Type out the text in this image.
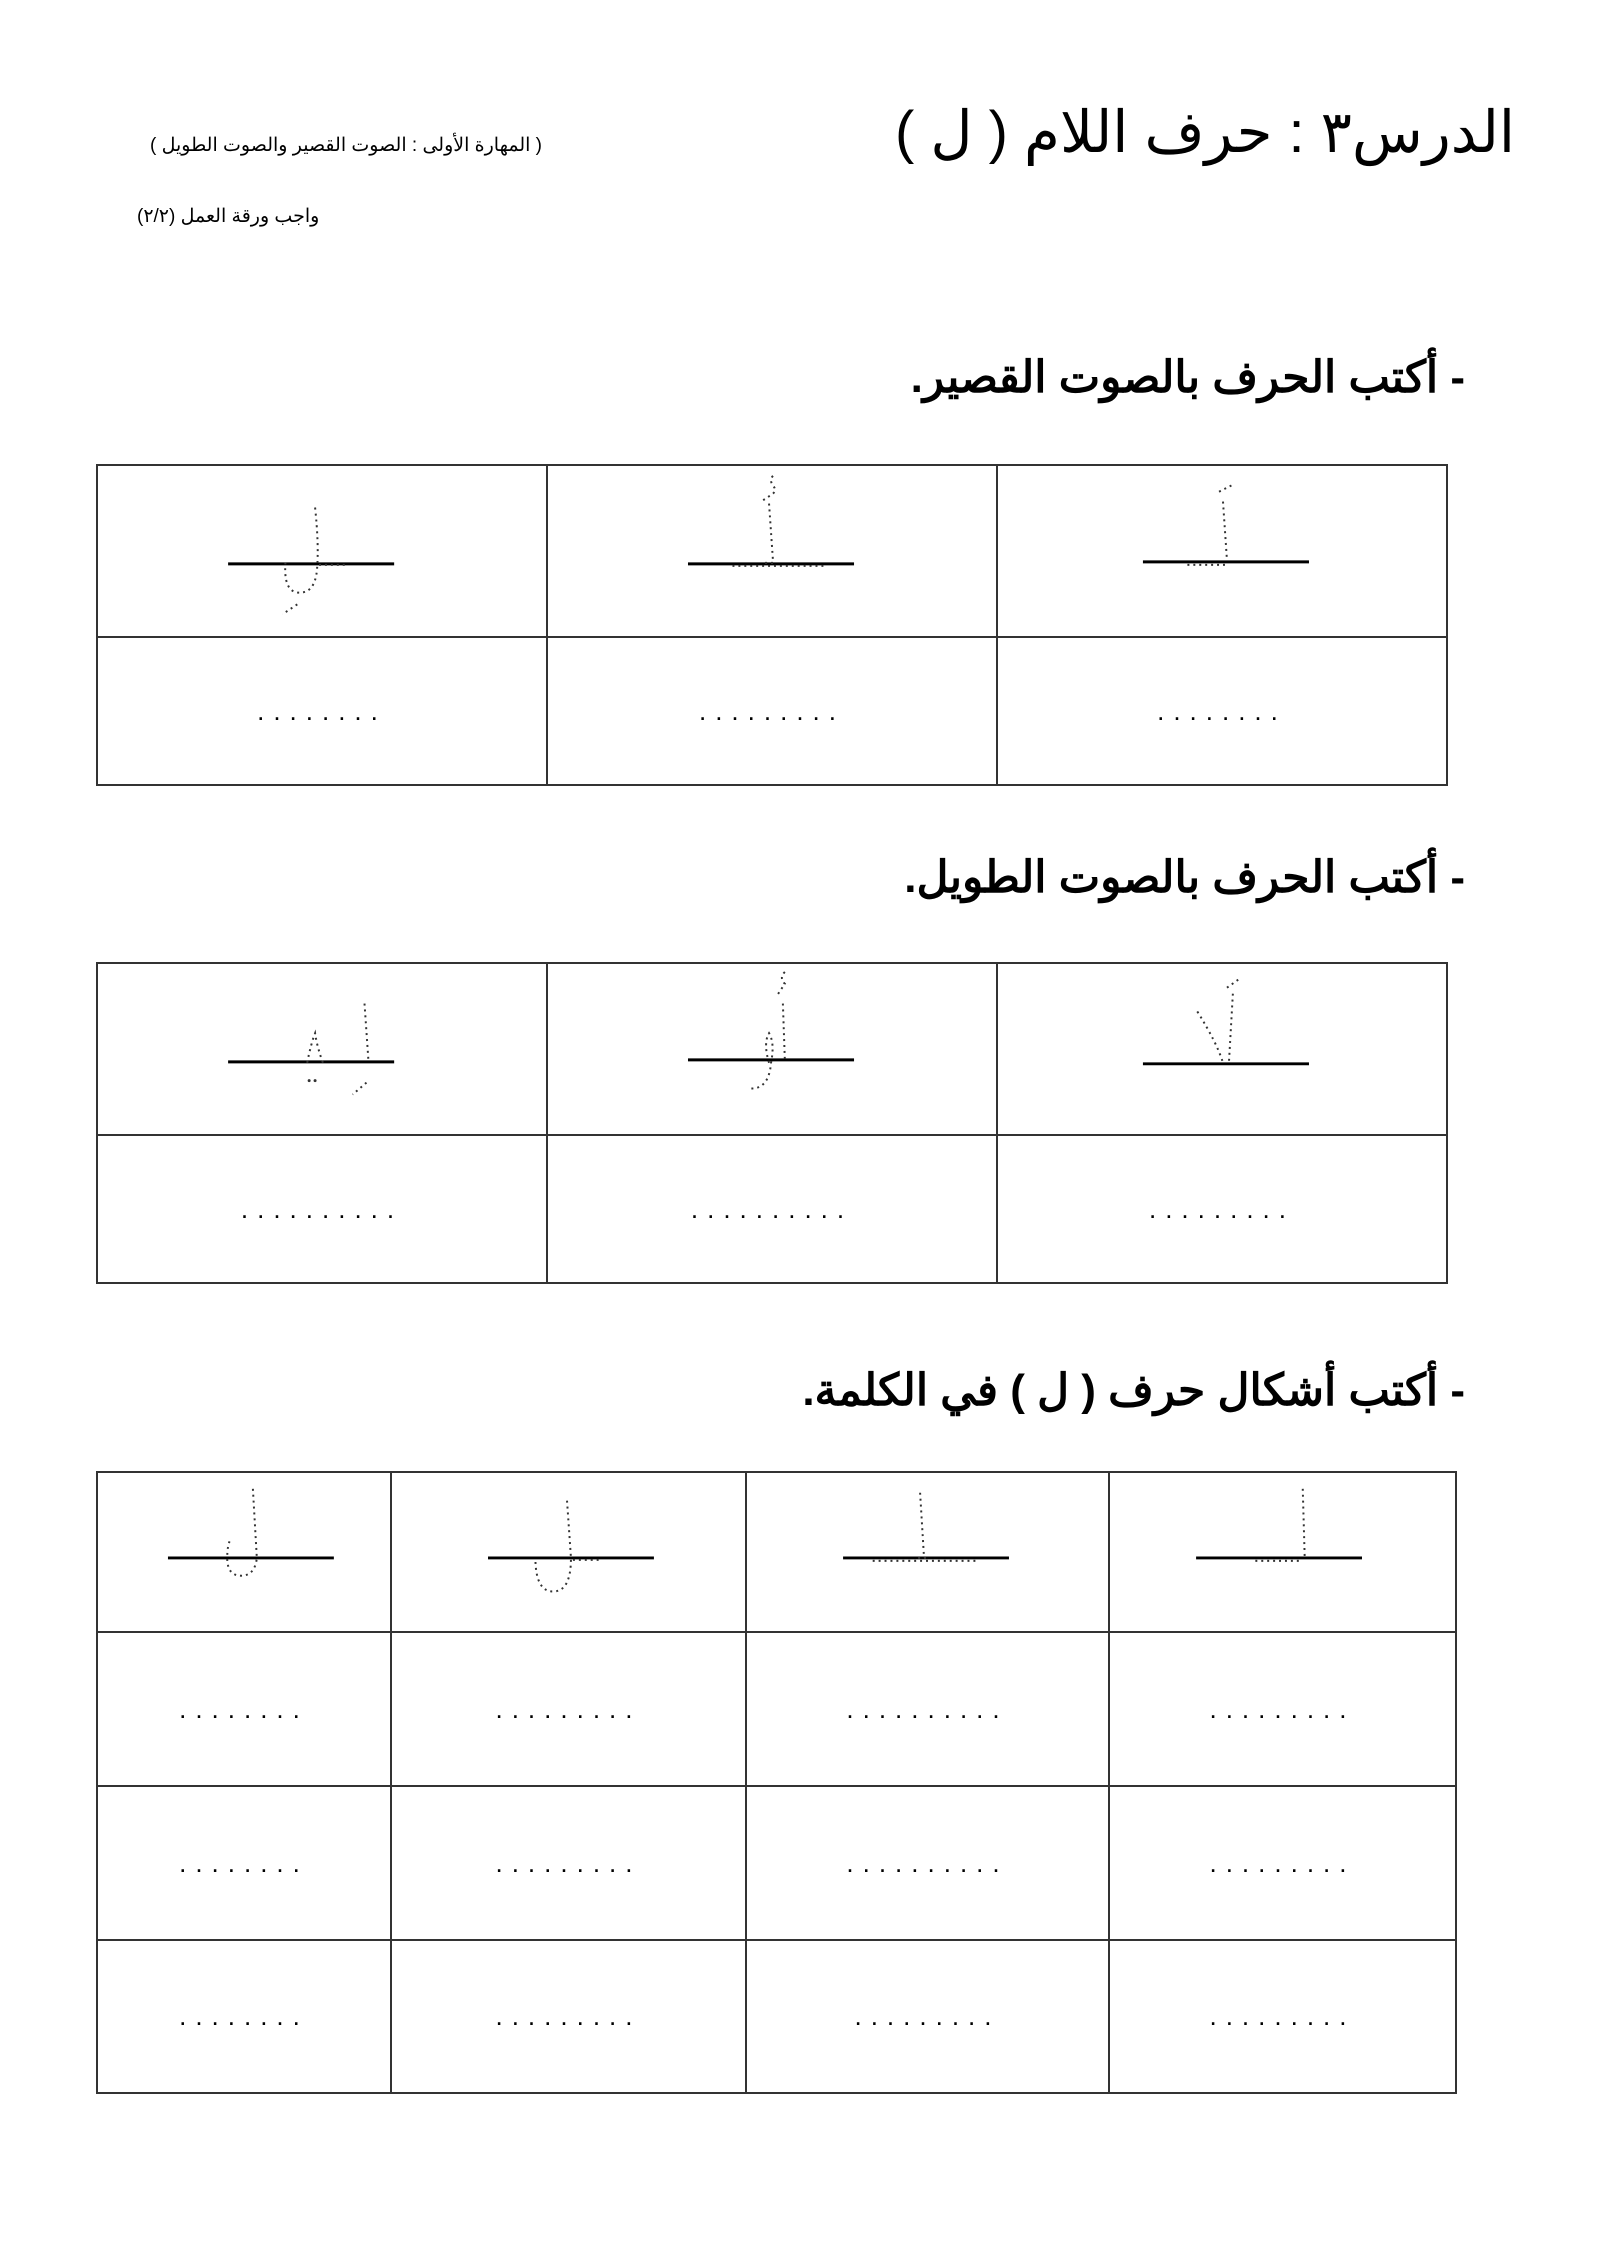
الدرس٣ : حرف اللام ( ل )
( المهارة الأولى : الصوت القصير والصوت الطويل )
واجب ورقة العمل (٢/٢)
- أكتب الحرف بالصوت القصير.

........	.........	........
- أكتب الحرف بالصوت الطويل.

..........	..........	.........
- أكتب أشكال حرف ( ل ) في الكلمة.

........	.........	..........	.........
........	.........	..........	.........
........	.........	.........	.........
